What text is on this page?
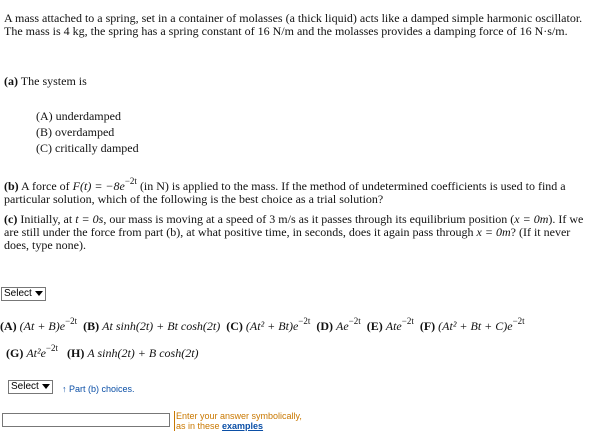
A mass attached to a spring, set in a container of molasses (a thick liquid) acts like a damped simple harmonic oscillator. The mass is 4 kg, the spring has a spring constant of 16 N/m and the molasses provides a damping force of 16 N·s/m.
(a) The system is
(A) underdamped
(B) overdamped
(C) critically damped
(b) A force of $F(t) = -8e^{-2t}$ (in N) is applied to the mass. If the method of undetermined coefficients is used to find a particular solution, which of the following is the best choice as a trial solution?
(c) Initially, at t = 0s, our mass is moving at a speed of 3 m/s as it passes through its equilibrium position (x = 0m). If we are still under the force from part (b), at what positive time, in seconds, does it again pass through x = 0m? (If it never does, type none).
Select
(A) $(At + B)e^{-2t}$ (B) At sinh(2t) + Bt cosh(2t) (C) $(At^2 + Bt)e^{-2t}$ (D) $Ae^{-2t}$ (E) Ate$^{-2t}$ (F) $(At^2 + Bt + C)e^{-2t}$
(G) $At^2e^{-2t}$ (H) A sinh(2t) + B cosh(2t)
Select	↑ Part (b) choices.
Enter your answer symbolically,
as in these examples
